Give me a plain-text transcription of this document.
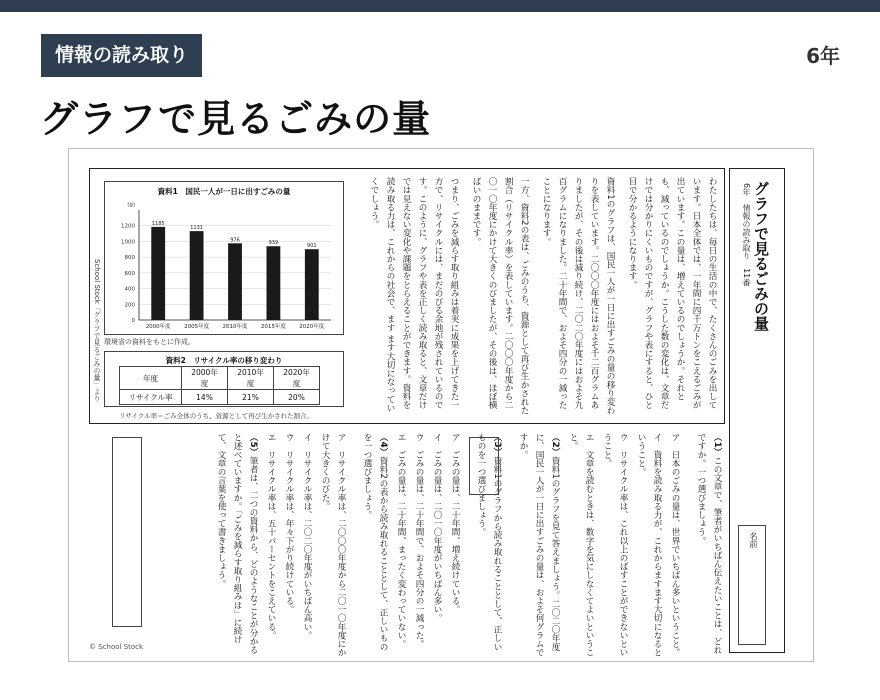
情報の読み取り	6年
グラフで見るごみの量
グラフで見るごみの量
6年　情報の読み取り　11番
名前

わたしたちは、毎日の生活の中で、たくさんのごみを出しています。日本全体では、一年間に四千万トンをこえるごみが出ています。この量は、増えているのでしょうか。それとも、減っているのでしょうか。こうした数の変化は、文章だけでは分かりにくいものですが、グラフや表にすると、ひと目で分かるようになります。

資料1のグラフは、国民一人が一日に出すごみの量の移り変わりを表しています。二〇〇〇年度にはおよそ千二百グラムありましたが、その後は減り続け、二〇二〇年度にはおよそ九百グラムになりました。二十年間で、およそ四分の一減ったことになります。

一方、資料2の表は、ごみのうち、資源として再び生かされた割合（リサイクル率）を表しています。二〇〇〇年度から二〇一〇年度にかけて大きくのびましたが、その後は、ほぼ横ばいのままです。

つまり、ごみを減らす取り組みは着実に成果を上げてきた一方で、リサイクルには、まだのびる余地が残されているのです。このように、グラフや表を正しく読み取ると、文章だけでは見えない変化や課題をとらえることができます。資料を読み取る力は、これからの社会で、ます ます大切になっていくでしょう。

School Stock「グラフで見るごみの量」より
資料1　国民一人が一日に出すごみの量
(g)
0
200
400
600
800
1000
1200	1185
2000年度
1131
2005年度
976
2010年度
939
2015年度
901
2020年度
環境省の資料をもとに作成。
資料2　リサイクル率の移り変わり
年度	2000年度	2010年度	2020年度
リサイクル率	14%	21%	20%
リサイクル率＝ごみ全体のうち、資源として再び生かされた割合。
（1）この文章で、筆者がいちばん伝えたいことは、どれですか。一つ選びましょう。
ア　日本のごみの量は、世界でいちばん多いということ。
イ　資料を読み取る力が、これからますます大切になるということ。
ウ　リサイクル率は、これ以上のばすことができないということ。
エ　文章を読むときは、数字を気にしなくてよいということ。
（2）資料1のグラフを見て答えましょう。二〇二〇年度に、国民一人が一日に出すごみの量は、およそ何グラムですか。
（3）資料1のグラフから読み取れることとして、正しいものを一つ選びましょう。
ア　ごみの量は、二十年間、増え続けている。
イ　ごみの量は、二〇一〇年度がいちばん多い。
ウ　ごみの量は、二十年間で、およそ四分の一減った。
エ　ごみの量は、二十年間、まったく変わっていない。
（4）資料2の表から読み取れることとして、正しいものを一つ選びましょう。
ア　リサイクル率は、二〇〇〇年度から二〇一〇年度にかけて大きくのびた。
イ　リサイクル率は、二〇二〇年度がいちばん高い。
ウ　リサイクル率は、年々下がり続けている。
エ　リサイクル率は、五十パーセントをこえている。
（5）筆者は、二つの資料から、どのようなことが分かると述べていますか。「ごみを減らす取り組みは」に続けて、文章の言葉を使って書きましょう。
© School Stock
